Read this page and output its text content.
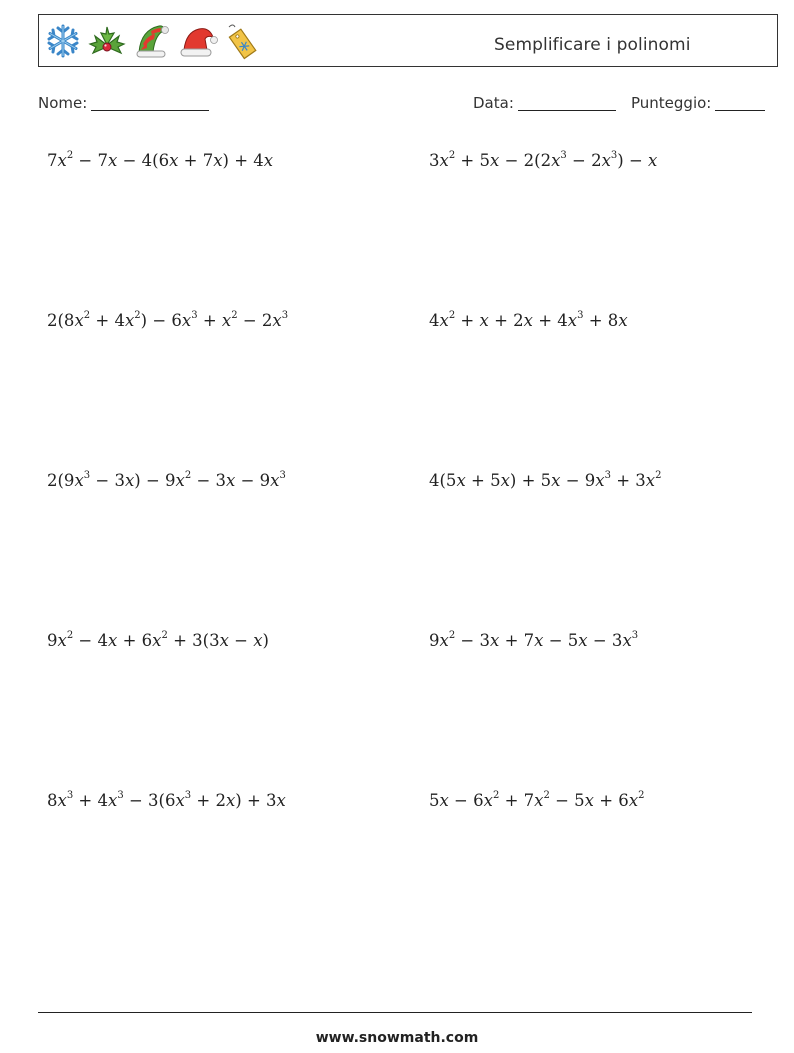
Semplificare i polinomi
Nome:	Data:	Punteggio:
$7x^2 - 7x - 4(6x + 7x) + 4x$	$3x^2 + 5x - 2(2x^3 - 2x^3) - x$
$2(8x^2 + 4x^2) - 6x^3 + x^2 - 2x^3$	$4x^2 + x + 2x + 4x^3 + 8x$
$2(9x^3 - 3x) - 9x^2 - 3x - 9x^3$	$4(5x + 5x) + 5x - 9x^3 + 3x^2$
$9x^2 - 4x + 6x^2 + 3(3x - x)$	$9x^2 - 3x + 7x - 5x - 3x^3$
$8x^3 + 4x^3 - 3(6x^3 + 2x) + 3x$	$5x - 6x^2 + 7x^2 - 5x + 6x^2$
www.snowmath.com
